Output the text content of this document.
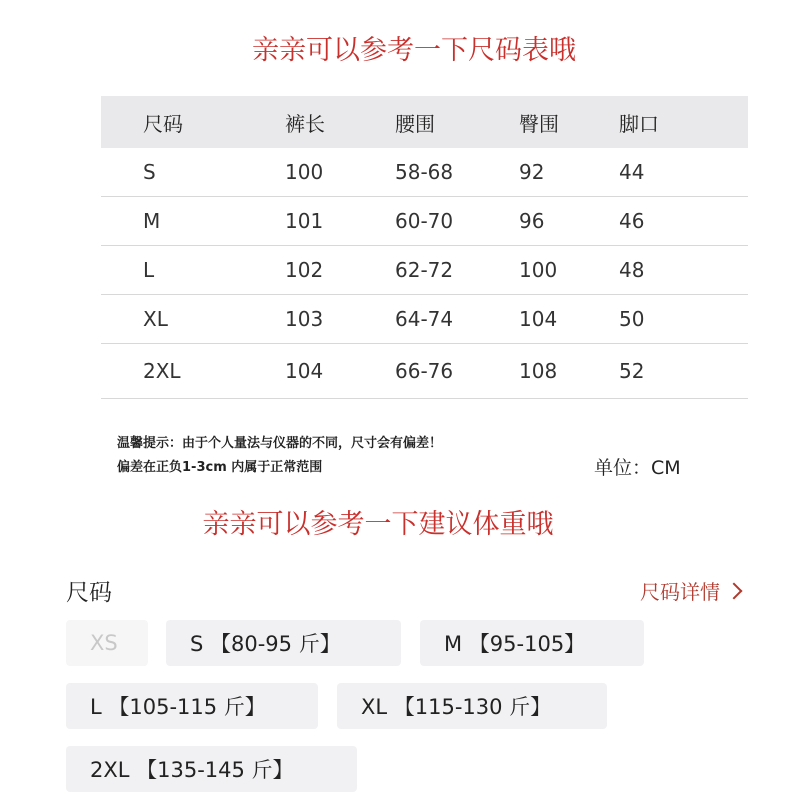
亲亲可以参考一下尺码表哦
尺码	裤长	腰围	臀围	脚口
S	100	58-68	92	44
M	101	60-70	96	46
L	102	62-72	100	48
XL	103	64-74	104	50
2XL	104	66-76	108	52
温馨提示：由于个人量法与仪器的不同，尺寸会有偏差！
偏差在正负1-3cm 内属于正常范围	单位：CM
亲亲可以参考一下建议体重哦
尺码	尺码详情
XS	S 【80-95 斤】	M 【95-105】
L 【105-115 斤】	XL 【115-130 斤】
2XL 【135-145 斤】
